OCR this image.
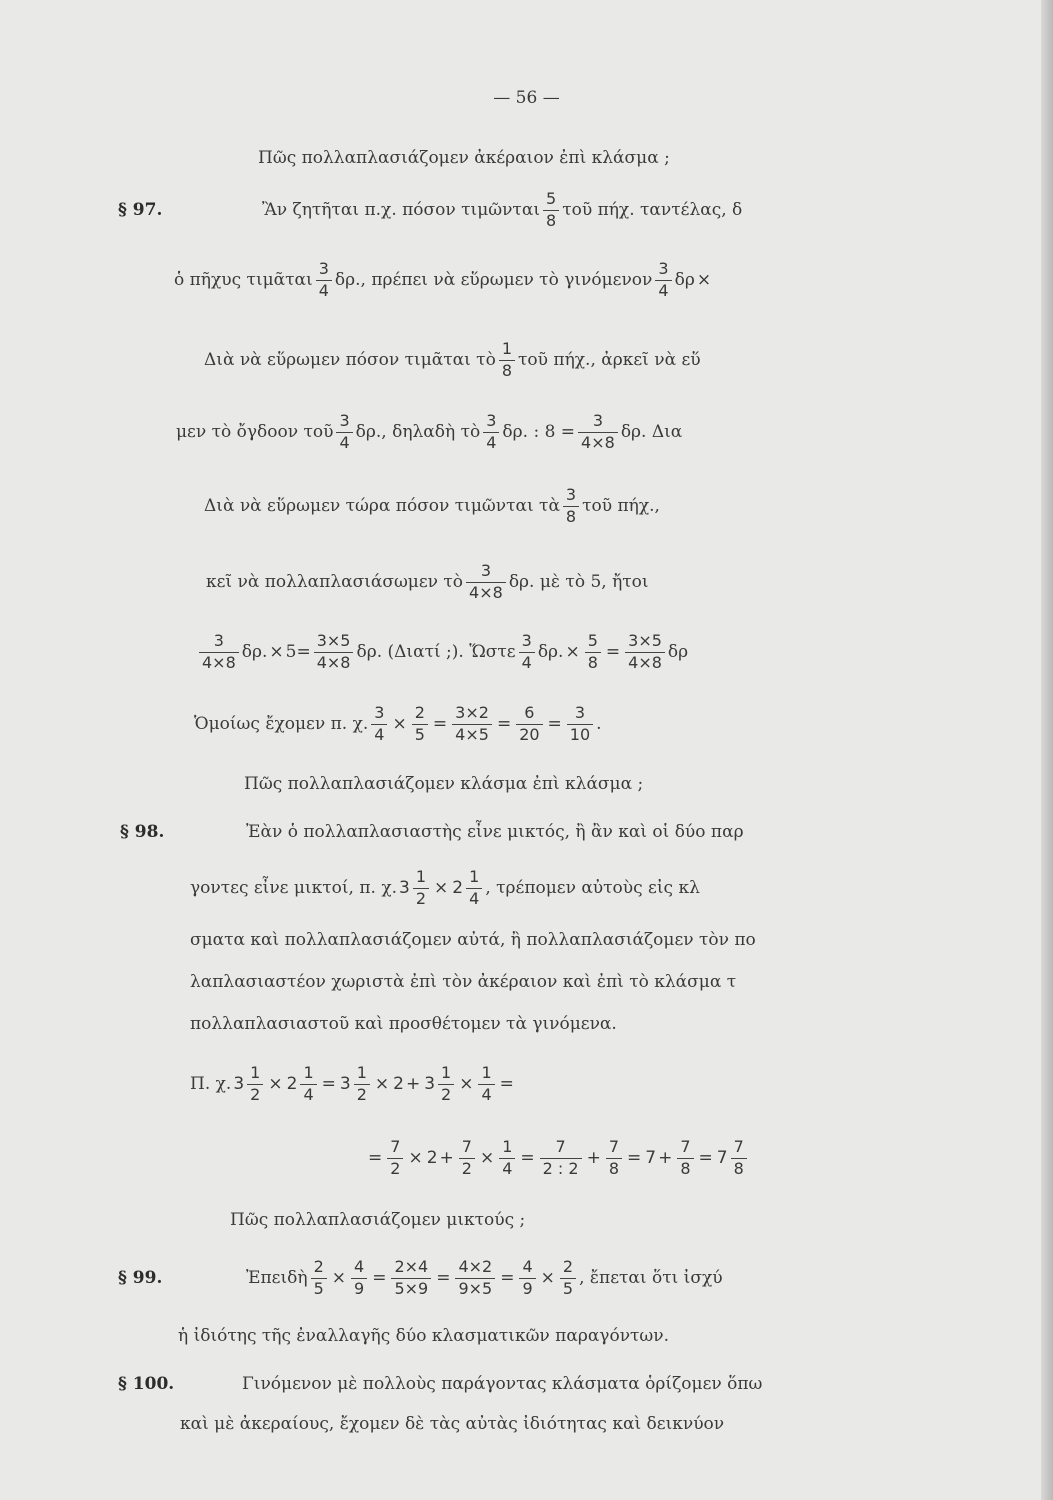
— 56 —
Πῶς πολλαπλασιάζομεν ἀκέραιον ἐπὶ κλάσμα ;
§ 97.	Ἂν ζητῆται π.χ. πόσον τιμῶνται $\frac{5}{8}$ τοῦ πήχ. ταντέλας, δ
ὁ πῆχυς τιμᾶται $\frac{3}{4} \delta\rho$., πρέπει νὰ εὕρωμεν τὸ γινόμενον $\frac{3}{4}$ δρ ×
Διὰ νὰ εὕρωμεν πόσον τιμᾶται τὸ $\frac{1}{8}$ τοῦ πήχ., ἀρκεῖ νὰ εὕ
μεν τὸ ὄγδοον τοῦ $\frac{3}{4} \delta\rho$., δηλαδὴ τὸ $\frac{3}{4} \delta\rho$. : $8 = \frac{3}{4\times 8} \delta\rho$. Δια
Διὰ νὰ εὕρωμεν τώρα πόσον τιμῶνται τὰ $\frac{3}{8}$ τοῦ πήχ.,
κεῖ νὰ πολλαπλασιάσωμεν τὸ $\frac{3}{4\times 8} \delta\rho$. μὲ τὸ 5, ἤτοι
$\frac{3}{4\times 8} \delta\rho$. × $5= \frac{3\times 5}{4\times 8} \delta\rho$. (Διατί ;). Ὥστε $\frac{3}{4} \delta\rho$. × $\frac{5}{8} = \frac{3\times 5}{4\times 8}$ δρ
Ὁμοίως ἔχομεν π. χ. $\frac{3}{4} \times \frac{2}{5} = \frac{3\times 2}{4\times 5} = \frac{6}{20} = \frac{3}{10}$ .
Πῶς πολλαπλασιάζομεν κλάσμα ἐπὶ κλάσμα ;
§ 98.	Ἐὰν ὁ πολλαπλασιαστὴς εἶνε μικτός, ἢ ἂν καὶ οἱ δύο παρ
γοντες εἶνε μικτοί, π. χ. $3 \frac{1}{2} \times 2 \frac{1}{4}$ , τρέπομεν αὐτοὺς εἰς κλ
σματα καὶ πολλαπλασιάζομεν αὐτά, ἢ πολλαπλασιάζομεν τὸν πο
λαπλασιαστέον χωριστὰ ἐπὶ τὸν ἀκέραιον καὶ ἐπὶ τὸ κλάσμα τ
πολλαπλασιαστοῦ καὶ προσθέτομεν τὰ γινόμενα.
Π. χ. $3 \frac{1}{2} \times 2 \frac{1}{4} = 3 \frac{1}{2} \times 2 + 3 \frac{1}{2} \times \frac{1}{4}$ =
= $\frac{7}{2} \times 2 + \frac{7}{2} \times \frac{1}{4} = \frac{7}{2 : 2} + \frac{7}{8} = 7 + \frac{7}{8} = 7 \frac{7}{8}$
Πῶς πολλαπλασιάζομεν μικτούς ;
§ 99.	Ἐπειδὴ $\frac{2}{5} \times \frac{4}{9} = \frac{2\times 4}{5\times 9} = \frac{4\times 2}{9\times 5} = \frac{4}{9} \times \frac{2}{5}$ , ἔπεται ὅτι ἰσχύ
ἡ ἰδιότης τῆς ἐναλλαγῆς δύο κλασματικῶν παραγόντων.
§ 100.	Γινόμενον μὲ πολλοὺς παράγοντας κλάσματα ὁρίζομεν ὅπω
καὶ μὲ ἀκεραίους, ἔχομεν δὲ τὰς αὐτὰς ἰδιότητας καὶ δεικνύον
